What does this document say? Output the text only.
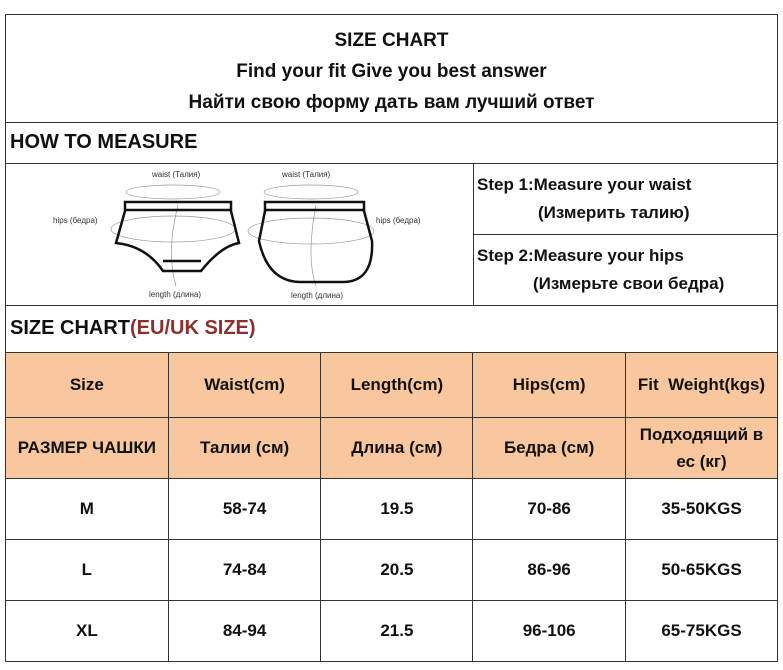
SIZE CHART
Find your fit Give you best answer
Найти свою форму дать вам лучший ответ
HOW TO MEASURE
waist (Талия)	waist (Талия)
hips (бедра)	hips (бедра)
length (длина)	length (длина)
Step 1:Measure your waist
(Измерить талию)
Step 2:Measure your hips
(Измерьте свои бедра)
SIZE CHART (EU/UK SIZE)
Size	Waist(cm)	Length(cm)	Hips(cm)	Fit  Weight(kgs)
РАЗМЕР ЧАШКИ	Талии (см)	Длина (см)	Бедра (см)	Подходящий в ес (кг)
M	58-74	19.5	70-86	35-50KGS
L	74-84	20.5	86-96	50-65KGS
XL	84-94	21.5	96-106	65-75KGS
